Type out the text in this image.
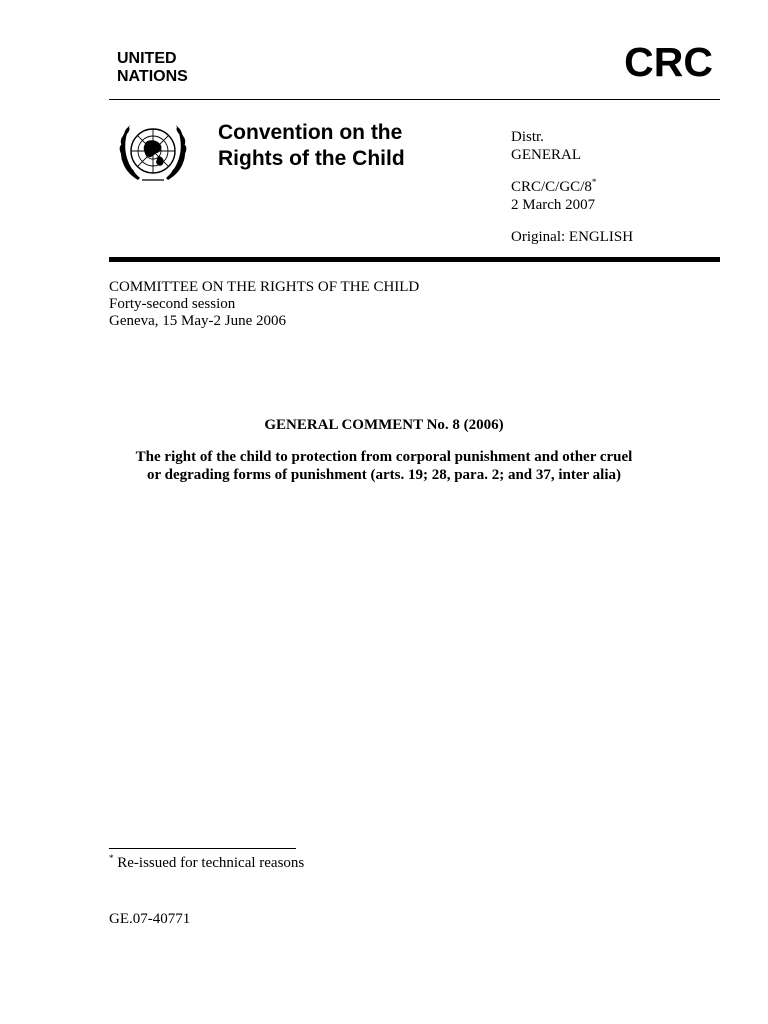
UNITED
NATIONS	CRC
Convention on the
Rights of the Child
Distr.
GENERAL
CRC/C/GC/8*
2 March 2007
Original: ENGLISH
COMMITTEE ON THE RIGHTS OF THE CHILD
Forty-second session
Geneva, 15 May-2 June 2006
GENERAL COMMENT No. 8 (2006)
The right of the child to protection from corporal punishment and other cruel
or degrading forms of punishment (arts. 19; 28, para. 2; and 37, inter alia)
* Re-issued for technical reasons
GE.07-40771
